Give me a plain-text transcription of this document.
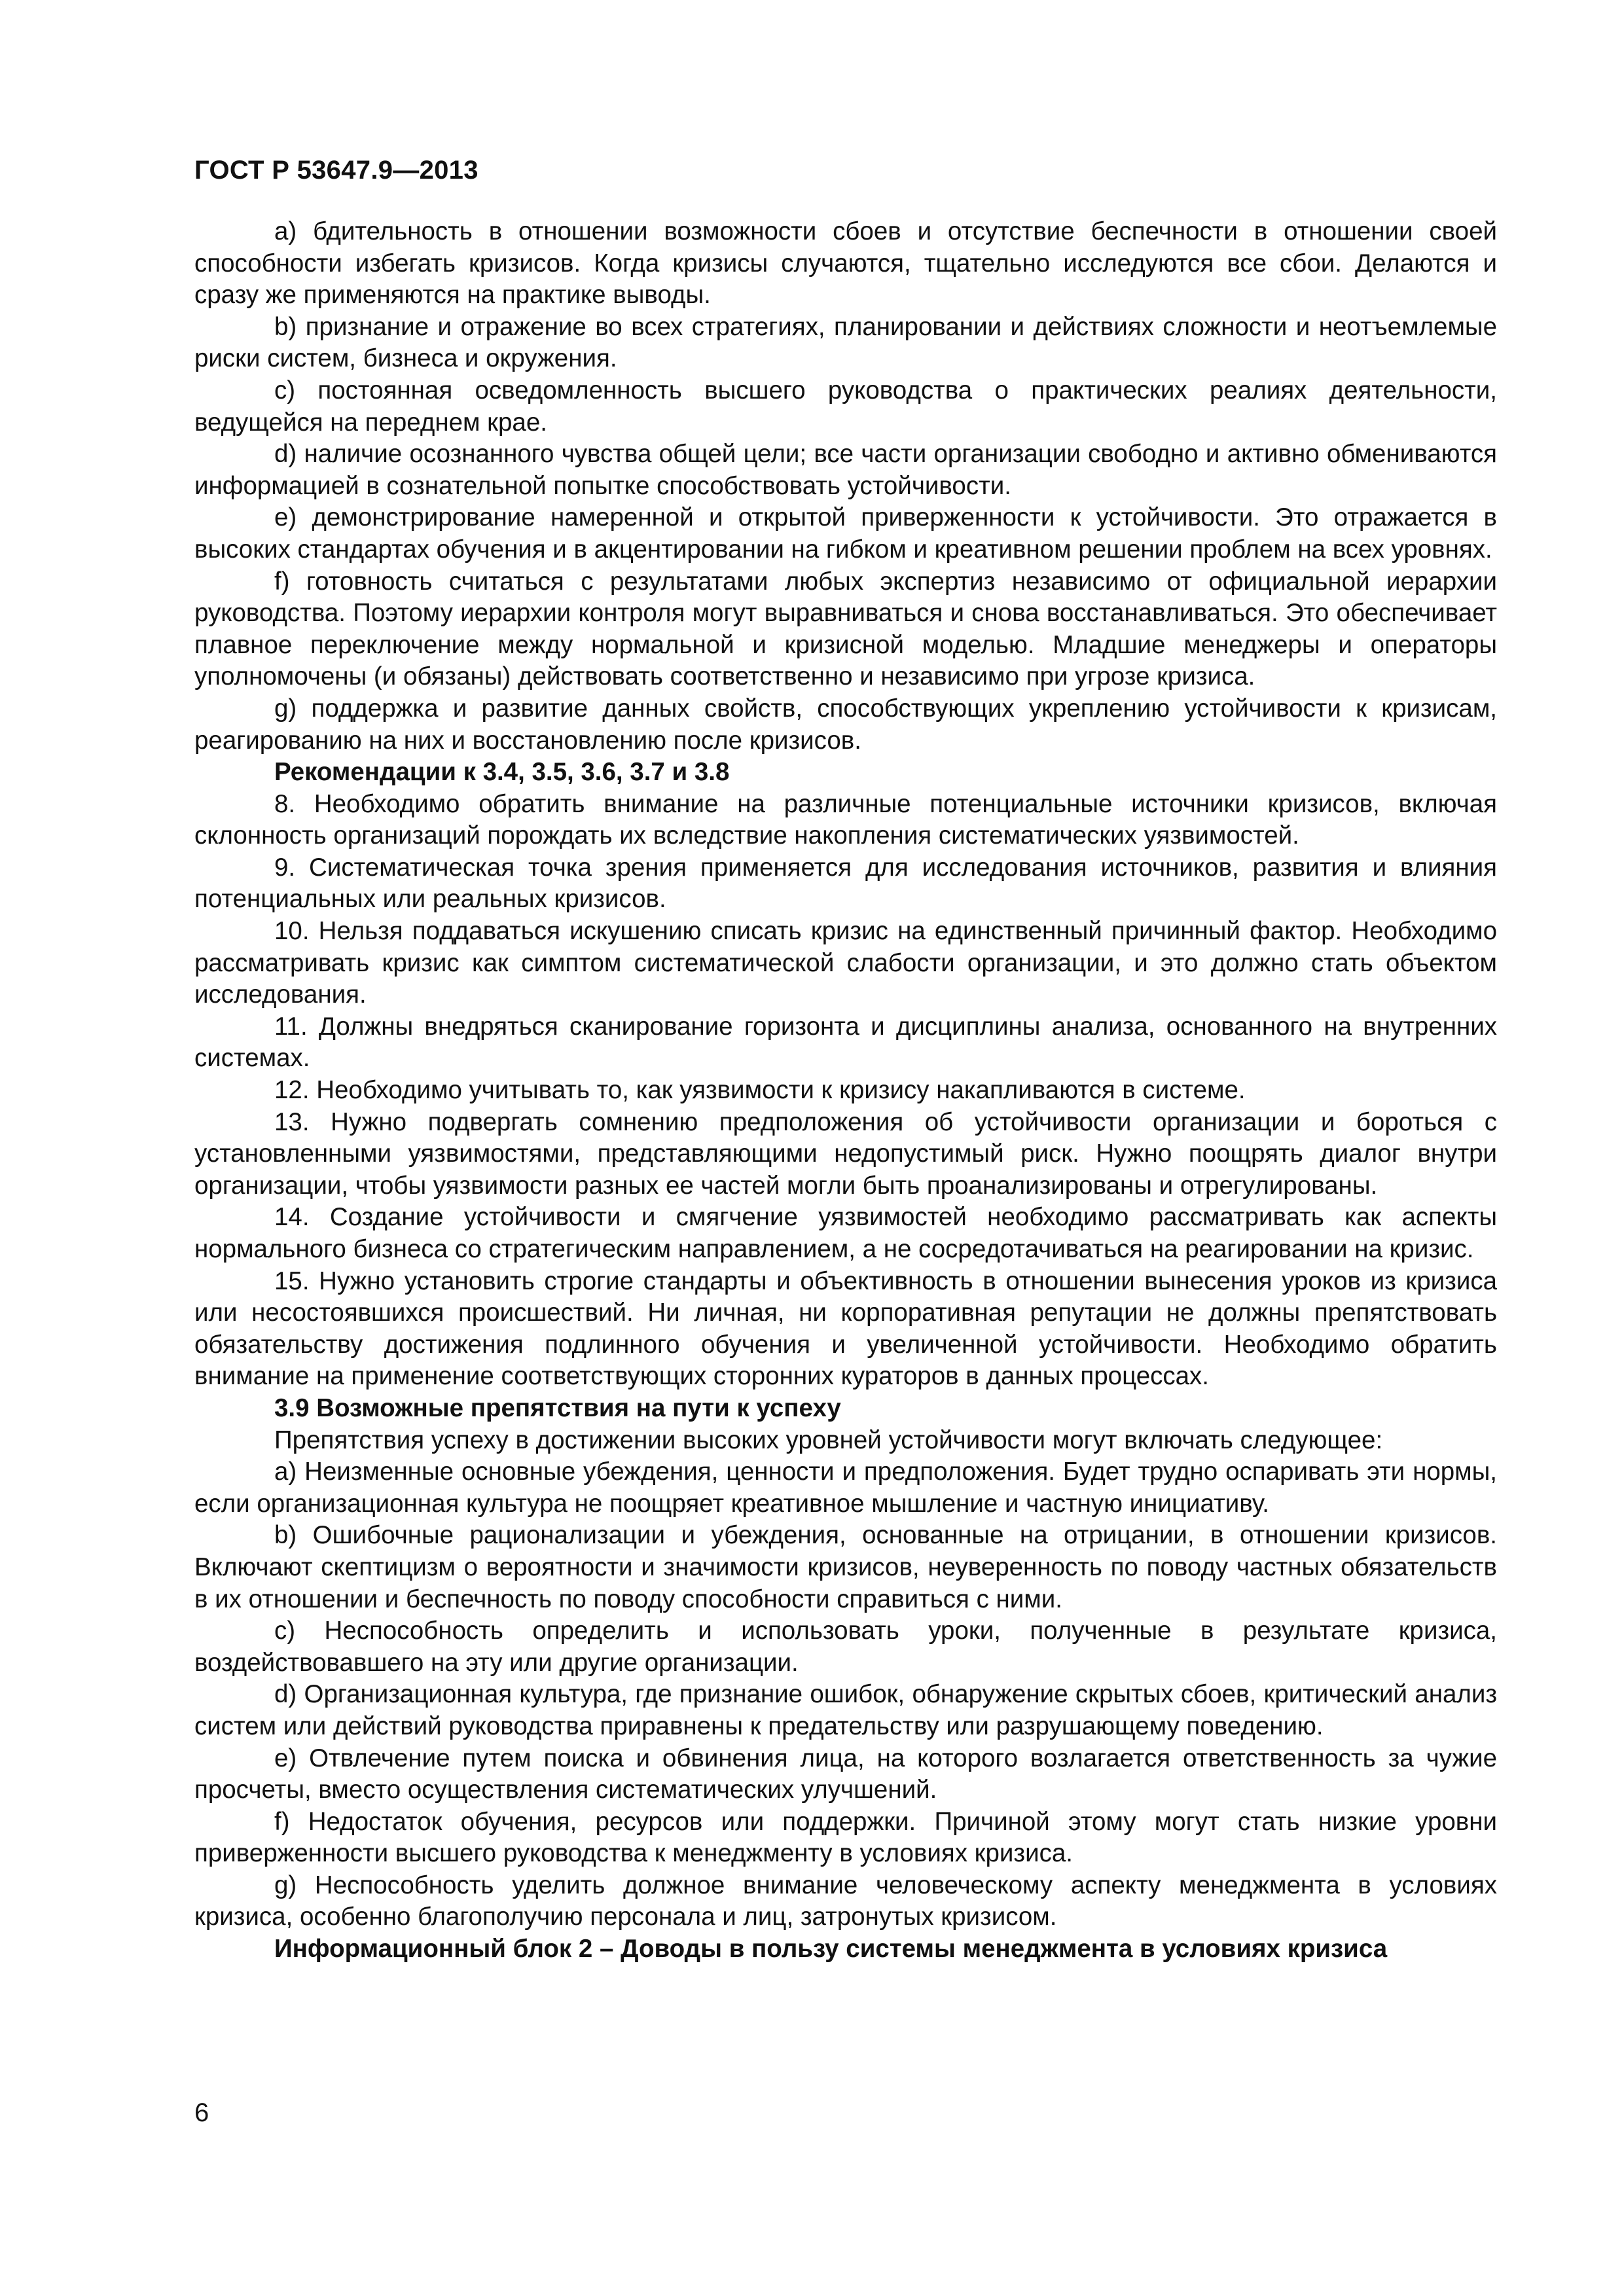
ГОСТ Р 53647.9—2013

a) бдительность в отношении возможности сбоев и отсутствие беспечности в отношении своей способности избегать кризисов. Когда кризисы случаются, тщательно исследуются все сбои. Делаются и сразу же применяются на практике выводы.

b) признание и отражение во всех стратегиях, планировании и действиях сложности и неотъемлемые риски систем, бизнеса и окружения.

c) постоянная осведомленность высшего руководства о практических реалиях деятельности, ведущейся на переднем крае.

d) наличие осознанного чувства общей цели; все части организации свободно и активно обмениваются информацией в сознательной попытке способствовать устойчивости.

e) демонстрирование намеренной и открытой приверженности к устойчивости. Это отражается в высоких стандартах обучения и в акцентировании на гибком и креативном решении проблем на всех уровнях.

f) готовность считаться с результатами любых экспертиз независимо от официальной иерархии руководства. Поэтому иерархии контроля могут выравниваться и снова восстанавливаться. Это обеспечивает плавное переключение между нормальной и кризисной моделью. Младшие менеджеры и операторы уполномочены (и обязаны) действовать соответственно и независимо при угрозе кризиса.

g) поддержка и развитие данных свойств, способствующих укреплению устойчивости к кризисам, реагированию на них и восстановлению после кризисов.

Рекомендации к 3.4, 3.5, 3.6, 3.7 и 3.8

8. Необходимо обратить внимание на различные потенциальные источники кризисов, включая склонность организаций порождать их вследствие накопления систематических уязвимостей.

9. Систематическая точка зрения применяется для исследования источников, развития и влияния потенциальных или реальных кризисов.

10. Нельзя поддаваться искушению списать кризис на единственный причинный фактор. Необходимо рассматривать кризис как симптом систематической слабости организации, и это должно стать объектом исследования.

11. Должны внедряться сканирование горизонта и дисциплины анализа, основанного на внутренних системах.

12. Необходимо учитывать то, как уязвимости к кризису накапливаются в системе.

13. Нужно подвергать сомнению предположения об устойчивости организации и бороться с установленными уязвимостями, представляющими недопустимый риск. Нужно поощрять диалог внутри организации, чтобы уязвимости разных ее частей могли быть проанализированы и отрегулированы.

14. Создание устойчивости и смягчение уязвимостей необходимо рассматривать как аспекты нормального бизнеса со стратегическим направлением, а не сосредотачиваться на реагировании на кризис.

15. Нужно установить строгие стандарты и объективность в отношении вынесения уроков из кризиса или несостоявшихся происшествий. Ни личная, ни корпоративная репутации не должны препятствовать обязательству достижения подлинного обучения и увеличенной устойчивости. Необходимо обратить внимание на применение соответствующих сторонних кураторов в данных процессах.

3.9 Возможные препятствия на пути к успеху

Препятствия успеху в достижении высоких уровней устойчивости могут включать следующее:

a) Неизменные основные убеждения, ценности и предположения. Будет трудно оспаривать эти нормы, если организационная культура не поощряет креативное мышление и частную инициативу.

b) Ошибочные рационализации и убеждения, основанные на отрицании, в отношении кризисов. Включают скептицизм о вероятности и значимости кризисов, неуверенность по поводу частных обязательств в их отношении и беспечность по поводу способности справиться с ними.

c) Неспособность определить и использовать уроки, полученные в результате кризиса, воздействовавшего на эту или другие организации.

d) Организационная культура, где признание ошибок, обнаружение скрытых сбоев, критический анализ систем или действий руководства приравнены к предательству или разрушающему поведению.

e) Отвлечение путем поиска и обвинения лица, на которого возлагается ответственность за чужие просчеты, вместо осуществления систематических улучшений.

f) Недостаток обучения, ресурсов или поддержки. Причиной этому могут стать низкие уровни приверженности высшего руководства к менеджменту в условиях кризиса.

g) Неспособность уделить должное внимание человеческому аспекту менеджмента в условиях кризиса, особенно благополучию персонала и лиц, затронутых кризисом.

Информационный блок 2 – Доводы в пользу системы менеджмента в условиях кризиса

6
